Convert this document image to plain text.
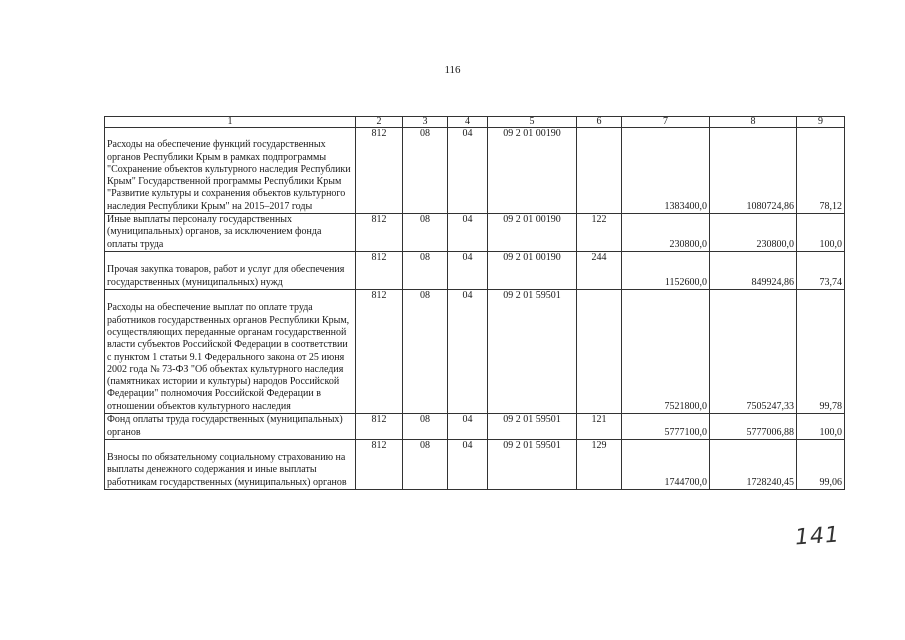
116
1	2	3	4	5	6	7	8	9
Расходы на обеспечение функций государственных органов Республики Крым в рамках подпрограммы "Сохранение объектов культурного наследия Республики Крым" Государственной программы Республики Крым "Развитие культуры и сохранения объектов культурного наследия Республики Крым" на 2015–2017 годы	812	08	04	09 2 01 00190		1383400,0	1080724,86	78,12
Иные выплаты персоналу государственных (муниципальных) органов, за исключением фонда оплаты труда	812	08	04	09 2 01 00190	122	230800,0	230800,0	100,0
Прочая закупка товаров, работ и услуг для обеспечения государственных (муниципальных) нужд	812	08	04	09 2 01 00190	244	1152600,0	849924,86	73,74
Расходы на обеспечение выплат по оплате труда работников государственных органов Республики Крым, осуществляющих переданные органам государственной власти субъектов Российской Федерации в соответствии с пунктом 1 статьи 9.1 Федерального закона от 25 июня 2002 года № 73-ФЗ "Об объектах культурного наследия (памятниках истории и культуры) народов Российской Федерации" полномочия Российской Федерации в отношении объектов культурного наследия	812	08	04	09 2 01 59501		7521800,0	7505247,33	99,78
Фонд оплаты труда государственных (муниципальных) органов	812	08	04	09 2 01 59501	121	5777100,0	5777006,88	100,0
Взносы по обязательному социальному страхованию на выплаты денежного содержания и иные выплаты работникам государственных (муниципальных) органов	812	08	04	09 2 01 59501	129	1744700,0	1728240,45	99,06
141
